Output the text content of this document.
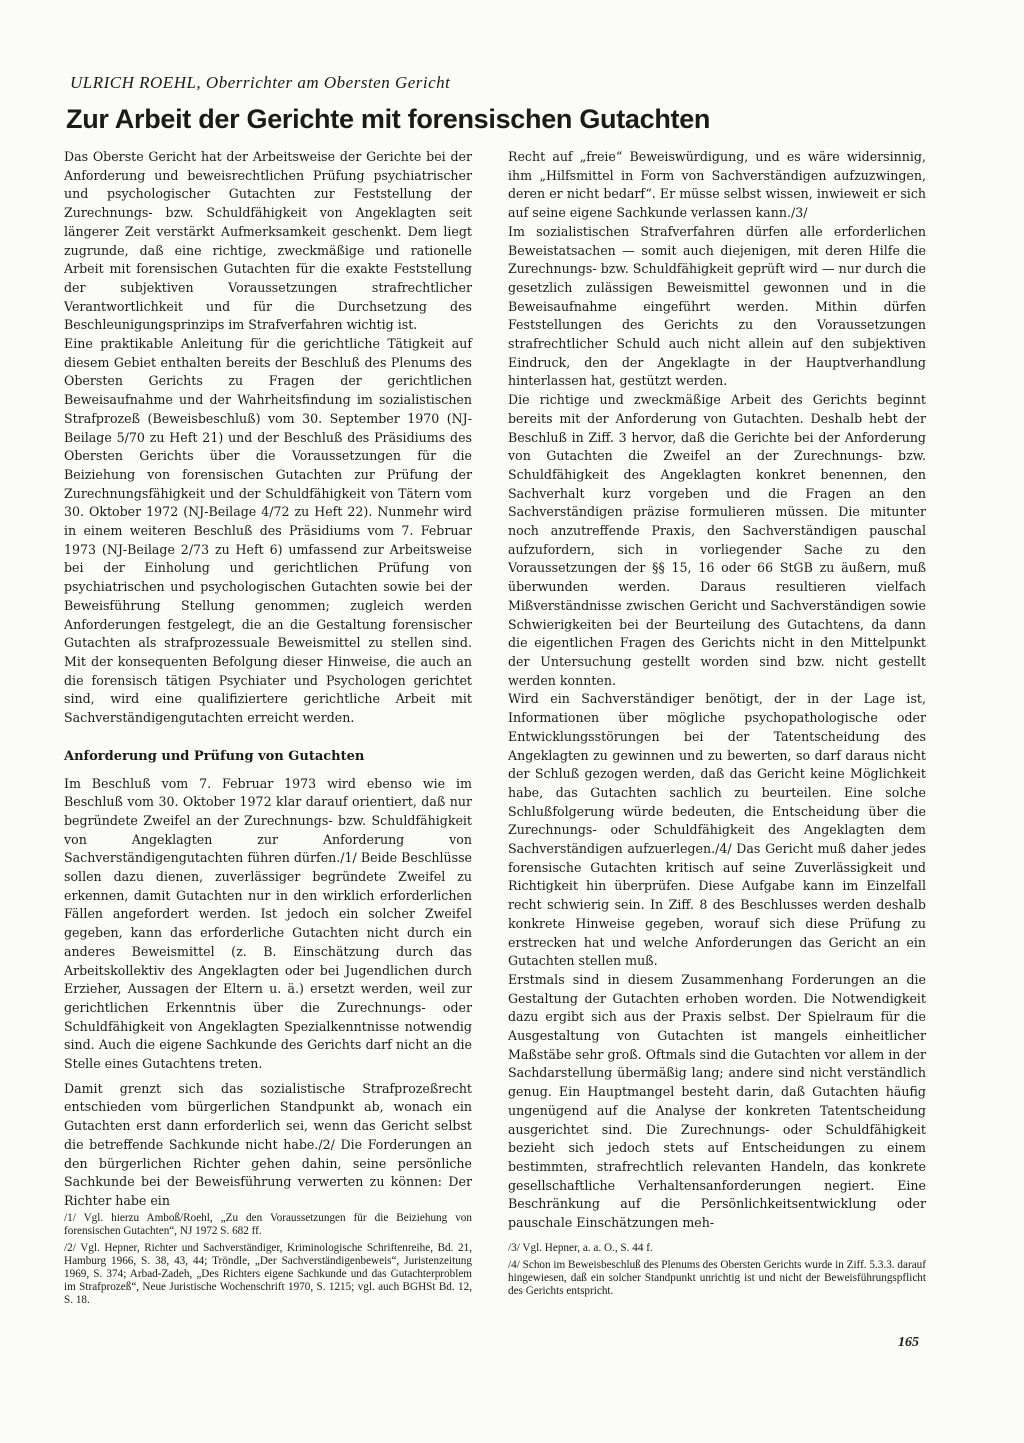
ULRICH ROEHL, Oberrichter am Obersten Gericht
Zur Arbeit der Gerichte mit forensischen Gutachten

Das Oberste Gericht hat der Arbeitsweise der Gerichte bei der Anforderung und beweisrechtlichen Prüfung psychiatrischer und psychologischer Gutachten zur Feststellung der Zurechnungs- bzw. Schuldfähigkeit von Angeklagten seit längerer Zeit verstärkt Aufmerksamkeit geschenkt. Dem liegt zugrunde, daß eine richtige, zweckmäßige und rationelle Arbeit mit forensischen Gutachten für die exakte Feststellung der subjektiven Voraussetzungen strafrechtlicher Verantwortlichkeit und für die Durchsetzung des Beschleunigungsprinzips im Strafverfahren wichtig ist.

Eine praktikable Anleitung für die gerichtliche Tätigkeit auf diesem Gebiet enthalten bereits der Beschluß des Plenums des Obersten Gerichts zu Fragen der gerichtlichen Beweisaufnahme und der Wahrheitsfindung im sozialistischen Strafprozeß (Beweisbeschluß) vom 30. September 1970 (NJ-Beilage 5/70 zu Heft 21) und der Beschluß des Präsidiums des Obersten Gerichts über die Voraussetzungen für die Beiziehung von forensischen Gutachten zur Prüfung der Zurechnungsfähigkeit und der Schuldfähigkeit von Tätern vom 30. Oktober 1972 (NJ-Beilage 4/72 zu Heft 22). Nunmehr wird in einem weiteren Beschluß des Präsidiums vom 7. Februar 1973 (NJ-Beilage 2/73 zu Heft 6) umfassend zur Arbeitsweise bei der Einholung und gerichtlichen Prüfung von psychiatrischen und psychologischen Gutachten sowie bei der Beweisführung Stellung genommen; zugleich werden Anforderungen festgelegt, die an die Gestaltung forensischer Gutachten als strafprozessuale Beweismittel zu stellen sind. Mit der konsequenten Befolgung dieser Hinweise, die auch an die forensisch tätigen Psychiater und Psychologen gerichtet sind, wird eine qualifiziertere gerichtliche Arbeit mit Sachverständigengutachten erreicht werden.

Anforderung und Prüfung von Gutachten

Im Beschluß vom 7. Februar 1973 wird ebenso wie im Beschluß vom 30. Oktober 1972 klar darauf orientiert, daß nur begründete Zweifel an der Zurechnungs- bzw. Schuldfähigkeit von Angeklagten zur Anforderung von Sachverständigengutachten führen dürfen./1/ Beide Beschlüsse sollen dazu dienen, zuverlässiger begründete Zweifel zu erkennen, damit Gutachten nur in den wirklich erforderlichen Fällen angefordert werden. Ist jedoch ein solcher Zweifel gegeben, kann das erforderliche Gutachten nicht durch ein anderes Beweismittel (z. B. Einschätzung durch das Arbeitskollektiv des Angeklagten oder bei Jugendlichen durch Erzieher, Aussagen der Eltern u. ä.) ersetzt werden, weil zur gerichtlichen Erkenntnis über die Zurechnungs- oder Schuldfähigkeit von Angeklagten Spezialkenntnisse notwendig sind. Auch die eigene Sachkunde des Gerichts darf nicht an die Stelle eines Gutachtens treten.

Damit grenzt sich das sozialistische Strafprozeßrecht entschieden vom bürgerlichen Standpunkt ab, wonach ein Gutachten erst dann erforderlich sei, wenn das Gericht selbst die betreffende Sachkunde nicht habe./2/ Die Forderungen an den bürgerlichen Richter gehen dahin, seine persönliche Sachkunde bei der Beweisführung verwerten zu können: Der Richter habe ein

Recht auf „freie“ Beweiswürdigung, und es wäre widersinnig, ihm „Hilfsmittel in Form von Sachverständigen aufzuzwingen, deren er nicht bedarf“. Er müsse selbst wissen, inwieweit er sich auf seine eigene Sachkunde verlassen kann./3/

Im sozialistischen Strafverfahren dürfen alle erforderlichen Beweistatsachen — somit auch diejenigen, mit deren Hilfe die Zurechnungs- bzw. Schuldfähigkeit geprüft wird — nur durch die gesetzlich zulässigen Beweismittel gewonnen und in die Beweisaufnahme eingeführt werden. Mithin dürfen Feststellungen des Gerichts zu den Voraussetzungen strafrechtlicher Schuld auch nicht allein auf den subjektiven Eindruck, den der Angeklagte in der Hauptverhandlung hinterlassen hat, gestützt werden.

Die richtige und zweckmäßige Arbeit des Gerichts beginnt bereits mit der Anforderung von Gutachten. Deshalb hebt der Beschluß in Ziff. 3 hervor, daß die Gerichte bei der Anforderung von Gutachten die Zweifel an der Zurechnungs- bzw. Schuldfähigkeit des Angeklagten konkret benennen, den Sachverhalt kurz vorgeben und die Fragen an den Sachverständigen präzise formulieren müssen. Die mitunter noch anzutreffende Praxis, den Sachverständigen pauschal aufzufordern, sich in vorliegender Sache zu den Voraussetzungen der §§ 15, 16 oder 66 StGB zu äußern, muß überwunden werden. Daraus resultieren vielfach Mißverständnisse zwischen Gericht und Sachverständigen sowie Schwierigkeiten bei der Beurteilung des Gutachtens, da dann die eigentlichen Fragen des Gerichts nicht in den Mittelpunkt der Untersuchung gestellt worden sind bzw. nicht gestellt werden konnten.

Wird ein Sachverständiger benötigt, der in der Lage ist, Informationen über mögliche psychopathologische oder Entwicklungsstörungen bei der Tatentscheidung des Angeklagten zu gewinnen und zu bewerten, so darf daraus nicht der Schluß gezogen werden, daß das Gericht keine Möglichkeit habe, das Gutachten sachlich zu beurteilen. Eine solche Schlußfolgerung würde bedeuten, die Entscheidung über die Zurechnungs- oder Schuldfähigkeit des Angeklagten dem Sachverständigen aufzuerlegen./4/ Das Gericht muß daher jedes forensische Gutachten kritisch auf seine Zuverlässigkeit und Richtigkeit hin überprüfen. Diese Aufgabe kann im Einzelfall recht schwierig sein. In Ziff. 8 des Beschlusses werden deshalb konkrete Hinweise gegeben, worauf sich diese Prüfung zu erstrecken hat und welche Anforderungen das Gericht an ein Gutachten stellen muß.

Erstmals sind in diesem Zusammenhang Forderungen an die Gestaltung der Gutachten erhoben worden. Die Notwendigkeit dazu ergibt sich aus der Praxis selbst. Der Spielraum für die Ausgestaltung von Gutachten ist mangels einheitlicher Maßstäbe sehr groß. Oftmals sind die Gutachten vor allem in der Sachdarstellung übermäßig lang; andere sind nicht verständlich genug. Ein Hauptmangel besteht darin, daß Gutachten häufig ungenügend auf die Analyse der konkreten Tatentscheidung ausgerichtet sind. Die Zurechnungs- oder Schuldfähigkeit bezieht sich jedoch stets auf Entscheidungen zu einem bestimmten, strafrechtlich relevanten Handeln, das konkrete gesellschaftliche Verhaltensanforderungen negiert. Eine Beschränkung auf die Persönlichkeitsentwicklung oder pauschale Einschätzungen meh-

/1/ Vgl. hierzu Amboß/Roehl, „Zu den Voraussetzungen für die Beiziehung von forensischen Gutachten“, NJ 1972 S. 682 ff.

/2/ Vgl. Hepner, Richter und Sachverständiger, Kriminologische Schriftenreihe, Bd. 21, Hamburg 1966, S. 38, 43, 44; Tröndle, „Der Sachverständigenbeweis“, Juristenzeitung 1969, S. 374; Arbad-Zadeh, „Des Richters eigene Sachkunde und das Gutachterproblem im Strafprozeß“, Neue Juristische Wochenschrift 1970, S. 1215; vgl. auch BGHSt Bd. 12, S. 18.

/3/ Vgl. Hepner, a. a. O., S. 44 f.

/4/ Schon im Beweisbeschluß des Plenums des Obersten Gerichts wurde in Ziff. 5.3.3. darauf hingewiesen, daß ein solcher Standpunkt unrichtig ist und nicht der Beweisführungspflicht des Gerichts entspricht.

165
